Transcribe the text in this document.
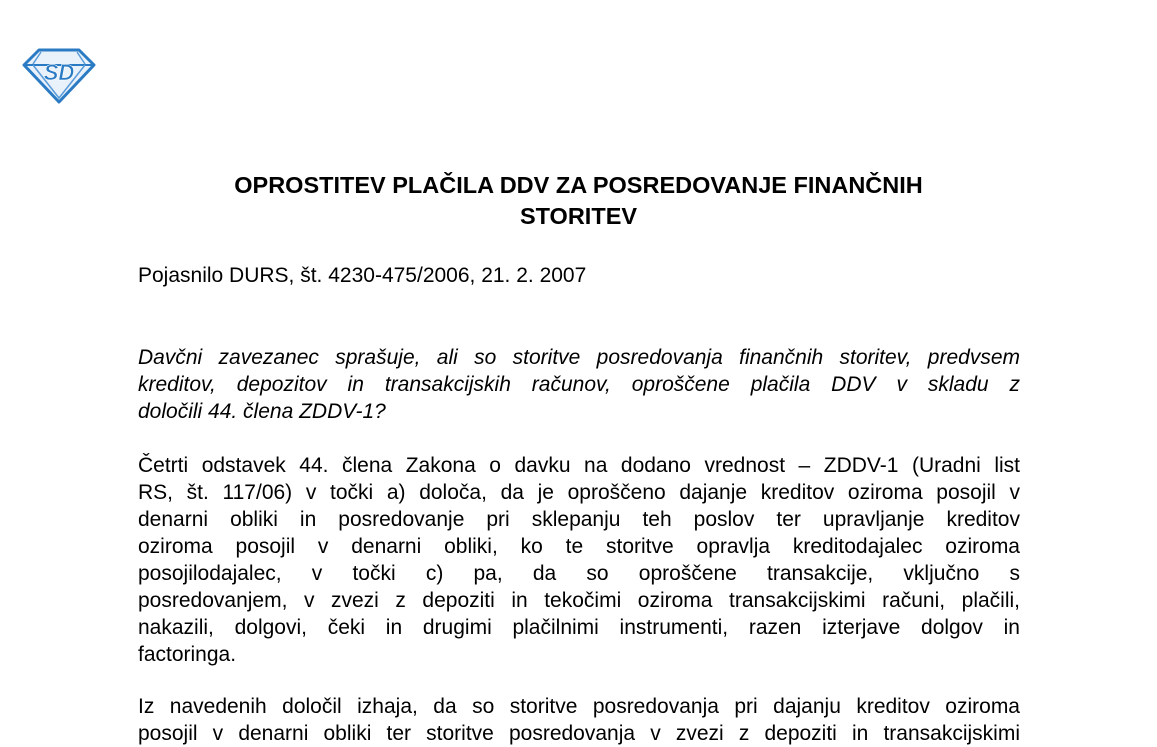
SD
OPROSTITEV PLAČILA DDV ZA POSREDOVANJE FINANČNIH
STORITEV

Pojasnilo DURS, št. 4230-475/2006, 21. 2. 2007

Davčni zavezanec sprašuje, ali so storitve posredovanja finančnih storitev, predvsem
kreditov, depozitov in transakcijskih računov, oproščene plačila DDV v skladu z
določili 44. člena ZDDV-1?

Četrti odstavek 44. člena Zakona o davku na dodano vrednost – ZDDV-1 (Uradni list
RS, št. 117/06) v točki a) določa, da je oproščeno dajanje kreditov oziroma posojil v
denarni obliki in posredovanje pri sklepanju teh poslov ter upravljanje kreditov
oziroma posojil v denarni obliki, ko te storitve opravlja kreditodajalec oziroma
posojilodajalec, v točki c) pa, da so oproščene transakcije, vključno s
posredovanjem, v zvezi z depoziti in tekočimi oziroma transakcijskimi računi, plačili,
nakazili, dolgovi, čeki in drugimi plačilnimi instrumenti, razen izterjave dolgov in
factoringa.

Iz navedenih določil izhaja, da so storitve posredovanja pri dajanju kreditov oziroma
posojil v denarni obliki ter storitve posredovanja v zvezi z depoziti in transakcijskimi
